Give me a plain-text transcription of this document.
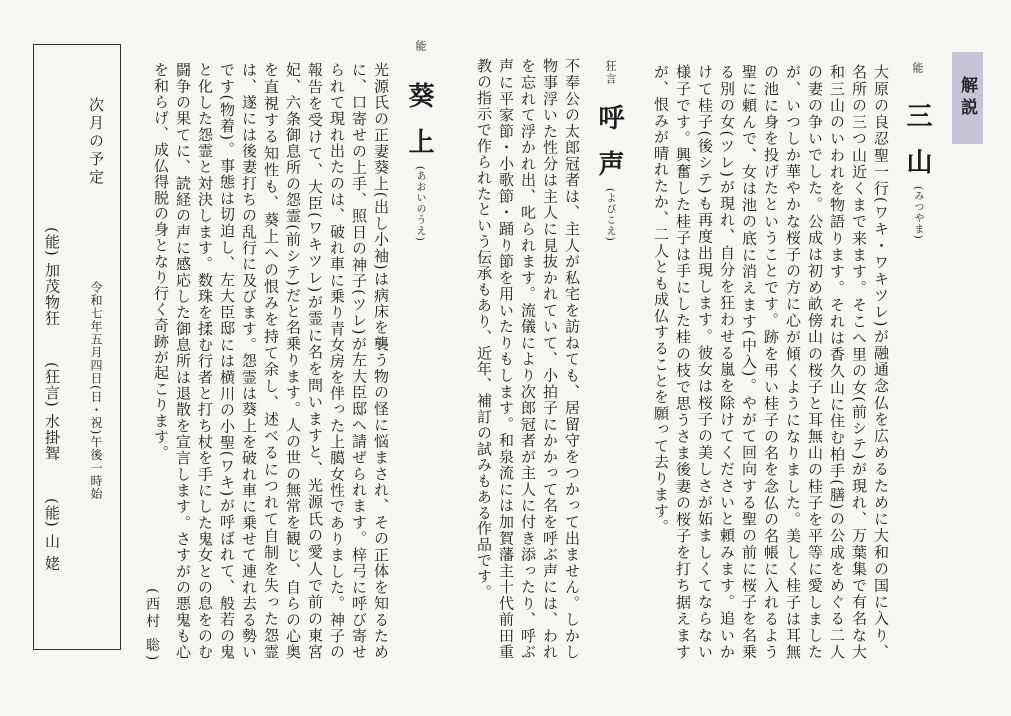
解説
能
三山
(みつやま)
大原の良忍聖一行(ワキ・ワキツレ)が融通念仏を広めるために大和の国に入り、名所の三つ山近くまで来ます。そこへ里の女(前シテ)が現れ、万葉集で有名な大和三山のいわれを物語ります。それは香久山に住む柏手(膳)の公成をめぐる二人の妻の争いでした。公成は初め畝傍山の桜子と耳無山の桂子を平等に愛しましたが、いつしか華やかな桜子の方に心が傾くようになりました。美しく桂子は耳無の池に身を投げたということです。跡を弔い桂子の名を念仏の名帳に入れるよう聖に頼んで、女は池の底に消えます(中入)。やがて回向する聖の前に桜子を名乗る別の女(ツレ)が現れ、自分を狂わせる嵐を除けてくださいと頼みます。追いかけて桂子(後シテ)も再度出現します。彼女は桜子の美しさが妬ましくてならない様子です。興奮した桂子は手にした桂の枝で思うさま後妻の桜子を打ち据えますが、恨みが晴れたか、二人とも成仏することを願って去ります。
狂言
呼声
(よびこえ)
不奉公の太郎冠者は、主人が私宅を訪ねても、居留守をつかって出ません。しかし物事浮いた性分は主人に見抜かれていて、小拍子にかかって名を呼ぶ声には、われを忘れて浮かれ出、叱られます。流儀により次郎冠者が主人に付き添ったり、呼ぶ声に平家節・小歌節・踊り節を用いたりもします。和泉流には加賀藩主十代前田重教の指示で作られたという伝承もあり、近年、補訂の試みもある作品です。
能
葵上
(あおいのうえ)
光源氏の正妻葵上(出し小袖)は病床を襲う物の怪に悩まされ、その正体を知るために、口寄せの上手、照日の神子(ツレ)が左大臣邸へ請ぜられます。梓弓に呼び寄せられて現れ出たのは、破れ車に乗り青女房を伴った上臈女性でありました。神子の報告を受けて、大臣(ワキツレ)が霊に名を問いますと、光源氏の愛人で前の東宮妃、六条御息所の怨霊(前シテ)だと名乗ります。人の世の無常を観じ、自らの心奥を直視する知性も、葵上への恨みを持て余し、述べるにつれて自制を失った怨霊は、遂には後妻打ちの乱行に及びます。怨霊は葵上を破れ車に乗せて連れ去る勢いです(物着)。事態は切迫し、左大臣邸には横川の小聖(ワキ)が呼ばれて、般若の鬼と化した怨霊と対決します。数珠を揉む行者と打ち杖を手にした鬼女との息をのむ闘争の果てに、読経の声に感応した御息所は退散を宣言します。さすがの悪鬼も心を和らげ、成仏得脱の身となり行く奇跡が起こります。
(西村 聡)
次月の予定
令和七年五月四日(日・祝)午後一時始
(能) 加茂物狂 (狂言) 水掛聟 (能) 山 姥
